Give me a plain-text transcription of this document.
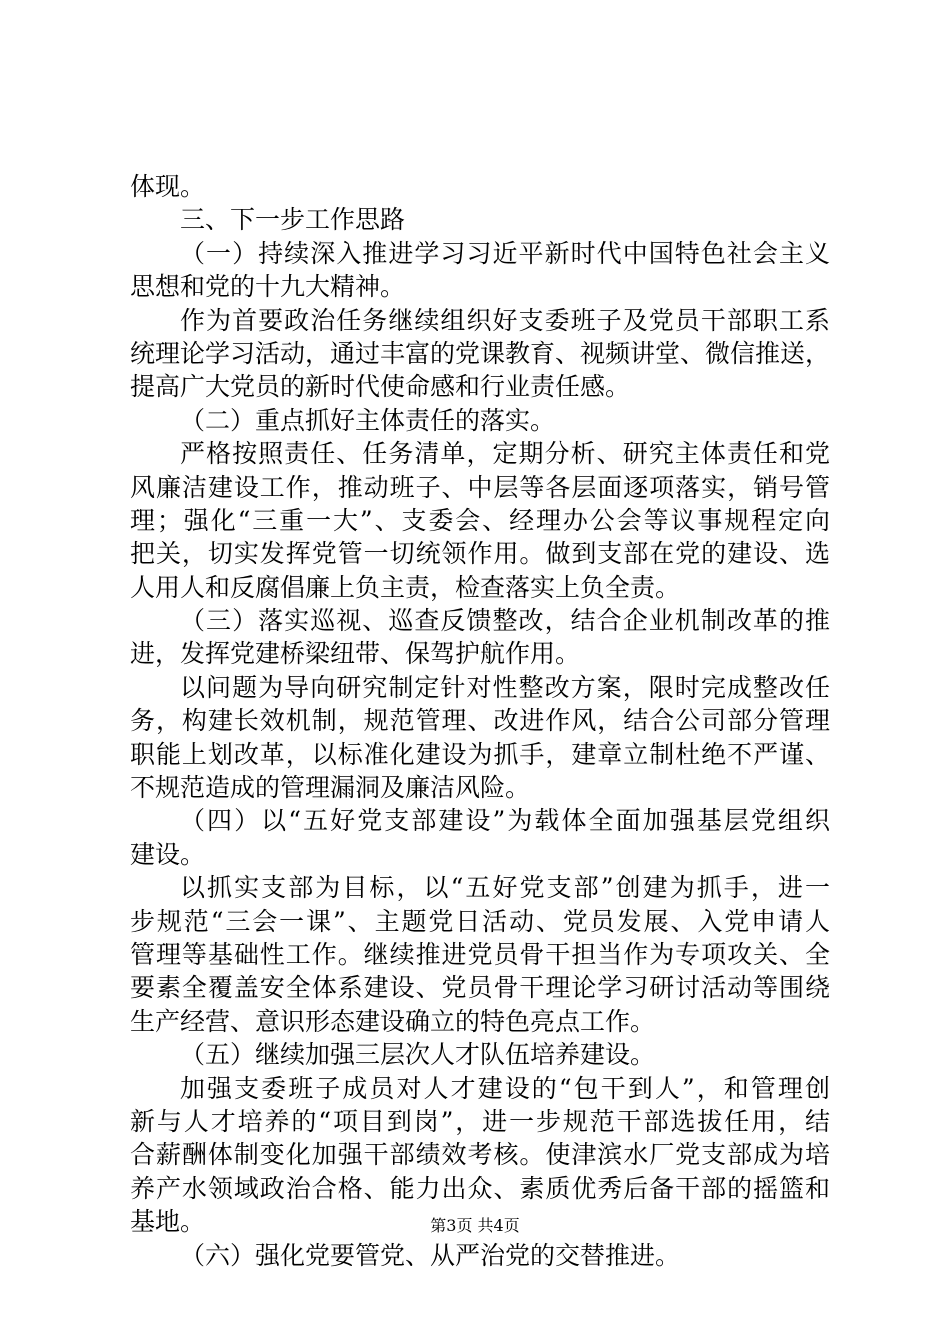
体现。
三、下一步工作思路
（一）持续深入推进学习习近平新时代中国特色社会主义
思想和党的十九大精神。
作为首要政治任务继续组织好支委班子及党员干部职工系
统理论学习活动，通过丰富的党课教育、视频讲堂、微信推送，
提高广大党员的新时代使命感和行业责任感。
（二）重点抓好主体责任的落实。
严格按照责任、任务清单，定期分析、研究主体责任和党
风廉洁建设工作，推动班子、中层等各层面逐项落实，销号管
理；强化“三重一大”、支委会、经理办公会等议事规程定向
把关，切实发挥党管一切统领作用。做到支部在党的建设、选
人用人和反腐倡廉上负主责，检查落实上负全责。
（三）落实巡视、巡查反馈整改，结合企业机制改革的推
进，发挥党建桥梁纽带、保驾护航作用。
以问题为导向研究制定针对性整改方案，限时完成整改任
务，构建长效机制，规范管理、改进作风，结合公司部分管理
职能上划改革，以标准化建设为抓手，建章立制杜绝不严谨、
不规范造成的管理漏洞及廉洁风险。
（四）以“五好党支部建设”为载体全面加强基层党组织
建设。
以抓实支部为目标，以“五好党支部”创建为抓手，进一
步规范“三会一课”、主题党日活动、党员发展、入党申请人
管理等基础性工作。继续推进党员骨干担当作为专项攻关、全
要素全覆盖安全体系建设、党员骨干理论学习研讨活动等围绕
生产经营、意识形态建设确立的特色亮点工作。
（五）继续加强三层次人才队伍培养建设。
加强支委班子成员对人才建设的“包干到人”，和管理创
新与人才培养的“项目到岗”，进一步规范干部选拔任用，结
合薪酬体制变化加强干部绩效考核。使津滨水厂党支部成为培
养产水领域政治合格、能力出众、素质优秀后备干部的摇篮和
基地。
（六）强化党要管党、从严治党的交替推进。
第3页 共4页
